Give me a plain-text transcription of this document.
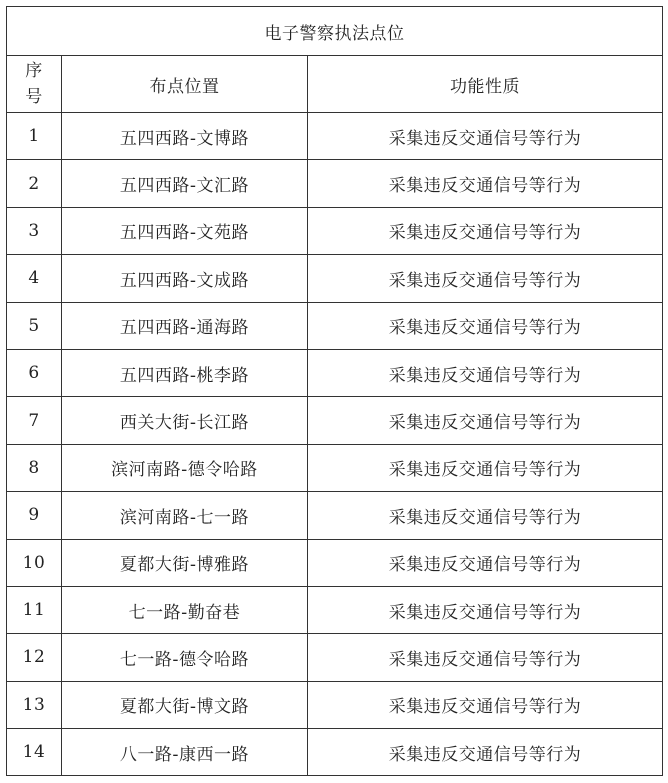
电子警察执法点位		
序
号	布点位置	功能性质
1	五四西路-文博路	采集违反交通信号等行为
2	五四西路-文汇路	采集违反交通信号等行为
3	五四西路-文苑路	采集违反交通信号等行为
4	五四西路-文成路	采集违反交通信号等行为
5	五四西路-通海路	采集违反交通信号等行为
6	五四西路-桃李路	采集违反交通信号等行为
7	西关大街-长江路	采集违反交通信号等行为
8	滨河南路-德令哈路	采集违反交通信号等行为
9	滨河南路-七一路	采集违反交通信号等行为
10	夏都大街-博雅路	采集违反交通信号等行为
11	七一路-勤奋巷	采集违反交通信号等行为
12	七一路-德令哈路	采集违反交通信号等行为
13	夏都大街-博文路	采集违反交通信号等行为
14	八一路-康西一路	采集违反交通信号等行为
